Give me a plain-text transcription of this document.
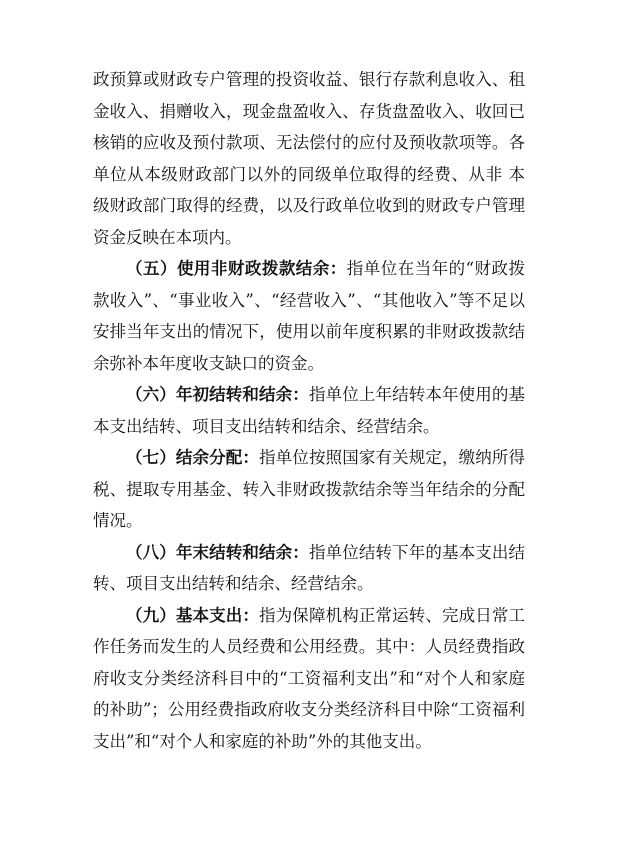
政预算或财政专户管理的投资收益、银行存款利息收入、租金收入、捐赠收入，现金盘盈收入、存货盘盈收入、收回已核销的应收及预付款项、无法偿付的应付及预收款项等。各单位从本级财政部门以外的同级单位取得的经费、从非 本级财政部门取得的经费，以及行政单位收到的财政专户管理资金反映在本项内。

（五）使用非财政拨款结余：指单位在当年的“财政拨款收入”、“事业收入”、“经营收入”、“其他收入”等不足以安排当年支出的情况下，使用以前年度积累的非财政拨款结余弥补本年度收支缺口的资金。

（六）年初结转和结余：指单位上年结转本年使用的基本支出结转、项目支出结转和结余、经营结余。

（七）结余分配：指单位按照国家有关规定，缴纳所得税、提取专用基金、转入非财政拨款结余等当年结余的分配情况。

（八）年末结转和结余：指单位结转下年的基本支出结转、项目支出结转和结余、经营结余。

（九）基本支出：指为保障机构正常运转、完成日常工作任务而发生的人员经费和公用经费。其中：人员经费指政府收支分类经济科目中的“工资福利支出”和“对个人和家庭的补助”；公用经费指政府收支分类经济科目中除“工资福利支出”和“对个人和家庭的补助”外的其他支出。
